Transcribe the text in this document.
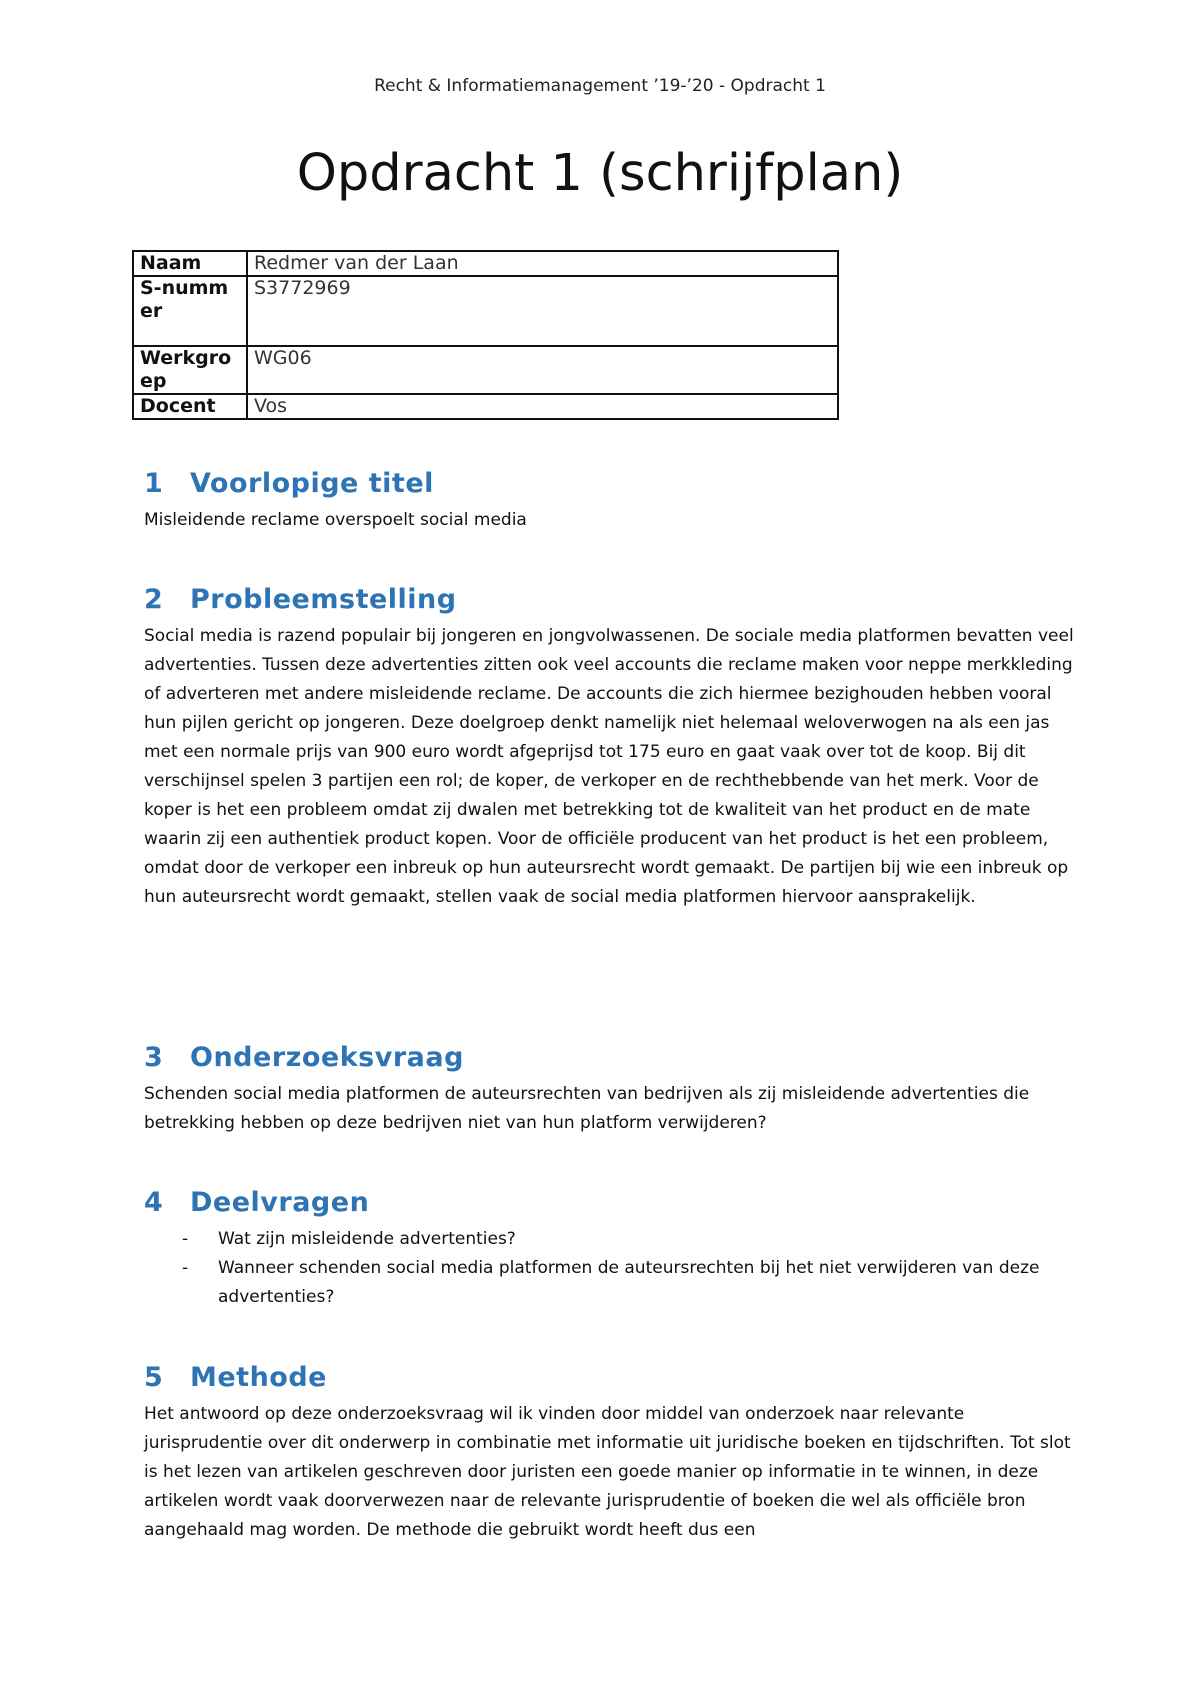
Recht & Informatiemanagement ’19-’20 - Opdracht 1
Opdracht 1 (schrijfplan)
Naam	Redmer van der Laan
S-nummer	S3772969
Werkgroep	WG06
Docent	Vos
1 Voorlopige titel

Misleidende reclame overspoelt social media

2 Probleemstelling

Social media is razend populair bij jongeren en jongvolwassenen. De sociale media platformen bevatten veel advertenties. Tussen deze advertenties zitten ook veel accounts die reclame maken voor neppe merkkleding of adverteren met andere misleidende reclame. De accounts die zich hiermee bezighouden hebben vooral hun pijlen gericht op jongeren. Deze doelgroep denkt namelijk niet helemaal weloverwogen na als een jas met een normale prijs van 900 euro wordt afgeprijsd tot 175 euro en gaat vaak over tot de koop. Bij dit verschijnsel spelen 3 partijen een rol; de koper, de verkoper en de rechthebbende van het merk. Voor de koper is het een probleem omdat zij dwalen met betrekking tot de kwaliteit van het product en de mate waarin zij een authentiek product kopen. Voor de officiële producent van het product is het een probleem, omdat door de verkoper een inbreuk op hun auteursrecht wordt gemaakt. De partijen bij wie een inbreuk op hun auteursrecht wordt gemaakt, stellen vaak de social media platformen hiervoor aansprakelijk.

3 Onderzoeksvraag

Schenden social media platformen de auteursrechten van bedrijven als zij misleidende advertenties die betrekking hebben op deze bedrijven niet van hun platform verwijderen?

4 Deelvragen
- Wat zijn misleidende advertenties?
- Wanneer schenden social media platformen de auteursrechten bij het niet verwijderen van deze advertenties?
5 Methode

Het antwoord op deze onderzoeksvraag wil ik vinden door middel van onderzoek naar relevante jurisprudentie over dit onderwerp in combinatie met informatie uit juridische boeken en tijdschriften. Tot slot is het lezen van artikelen geschreven door juristen een goede manier op informatie in te winnen, in deze artikelen wordt vaak doorverwezen naar de relevante jurisprudentie of boeken die wel als officiële bron aangehaald mag worden. De methode die gebruikt wordt heeft dus een
